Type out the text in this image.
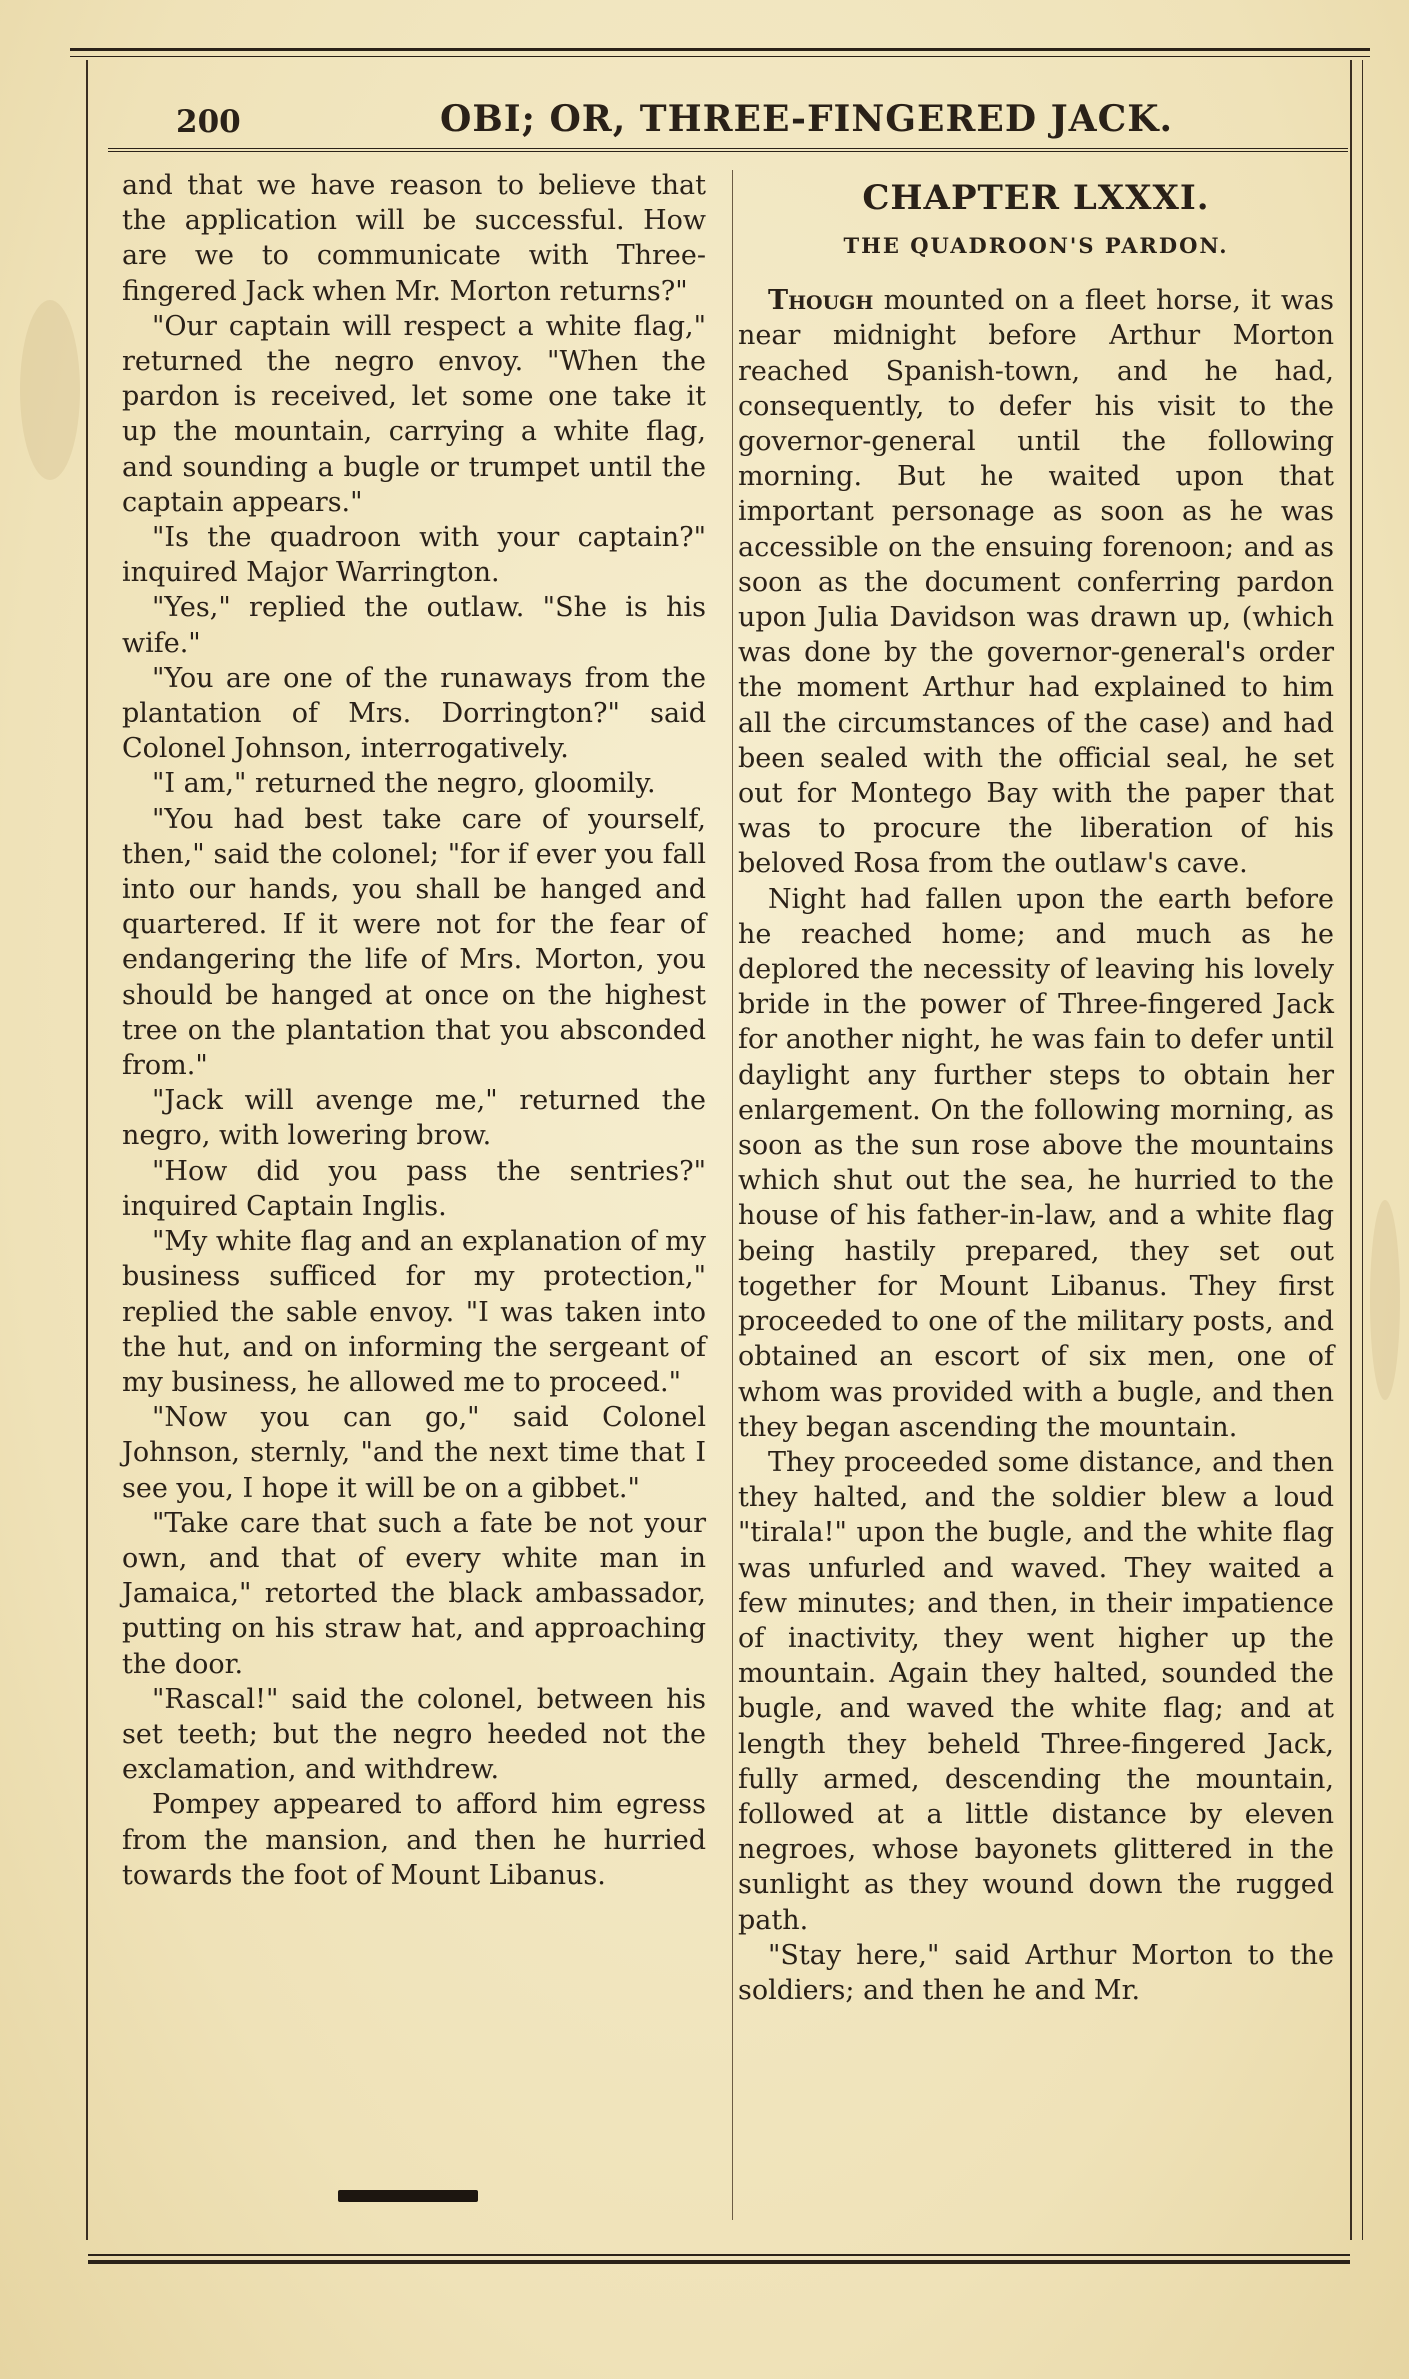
200	OBI; OR, THREE-FINGERED JACK.

and that we have reason to believe that the application will be successful. How are we to communicate with Three-fingered Jack when Mr. Morton returns?"

"Our captain will respect a white flag," returned the negro envoy. "When the pardon is received, let some one take it up the mountain, carrying a white flag, and sounding a bugle or trumpet until the captain appears."

"Is the quadroon with your captain?" inquired Major Warrington.

"Yes," replied the outlaw. "She is his wife."

"You are one of the runaways from the plantation of Mrs. Dorrington?" said Colonel Johnson, interrogatively.

"I am," returned the negro, gloomily.

"You had best take care of yourself, then," said the colonel; "for if ever you fall into our hands, you shall be hanged and quartered. If it were not for the fear of endangering the life of Mrs. Morton, you should be hanged at once on the highest tree on the plantation that you absconded from."

"Jack will avenge me," returned the negro, with lowering brow.

"How did you pass the sentries?" inquired Captain Inglis.

"My white flag and an explanation of my business sufficed for my protection," replied the sable envoy. "I was taken into the hut, and on informing the sergeant of my business, he allowed me to proceed."

"Now you can go," said Colonel Johnson, sternly, "and the next time that I see you, I hope it will be on a gibbet."

"Take care that such a fate be not your own, and that of every white man in Jamaica," retorted the black ambassador, putting on his straw hat, and approaching the door.

"Rascal!" said the colonel, between his set teeth; but the negro heeded not the exclamation, and withdrew.

Pompey appeared to afford him egress from the mansion, and then he hurried towards the foot of Mount Libanus.

CHAPTER LXXXI.
THE QUADROON'S PARDON.

Though mounted on a fleet horse, it was near midnight before Arthur Morton reached Spanish-town, and he had, consequently, to defer his visit to the governor-general until the following morning. But he waited upon that important personage as soon as he was accessible on the ensuing forenoon; and as soon as the document conferring pardon upon Julia Davidson was drawn up, (which was done by the governor-general's order the moment Arthur had explained to him all the circumstances of the case) and had been sealed with the official seal, he set out for Montego Bay with the paper that was to procure the liberation of his beloved Rosa from the outlaw's cave.

Night had fallen upon the earth before he reached home; and much as he deplored the necessity of leaving his lovely bride in the power of Three-fingered Jack for another night, he was fain to defer until daylight any further steps to obtain her enlargement. On the following morning, as soon as the sun rose above the mountains which shut out the sea, he hurried to the house of his father-in-law, and a white flag being hastily prepared, they set out together for Mount Libanus. They first proceeded to one of the military posts, and obtained an escort of six men, one of whom was provided with a bugle, and then they began ascending the mountain.

They proceeded some distance, and then they halted, and the soldier blew a loud "tirala!" upon the bugle, and the white flag was unfurled and waved. They waited a few minutes; and then, in their impatience of inactivity, they went higher up the mountain. Again they halted, sounded the bugle, and waved the white flag; and at length they beheld Three-fingered Jack, fully armed, descending the mountain, followed at a little distance by eleven negroes, whose bayonets glittered in the sunlight as they wound down the rugged path.

"Stay here," said Arthur Morton to the soldiers; and then he and Mr.
